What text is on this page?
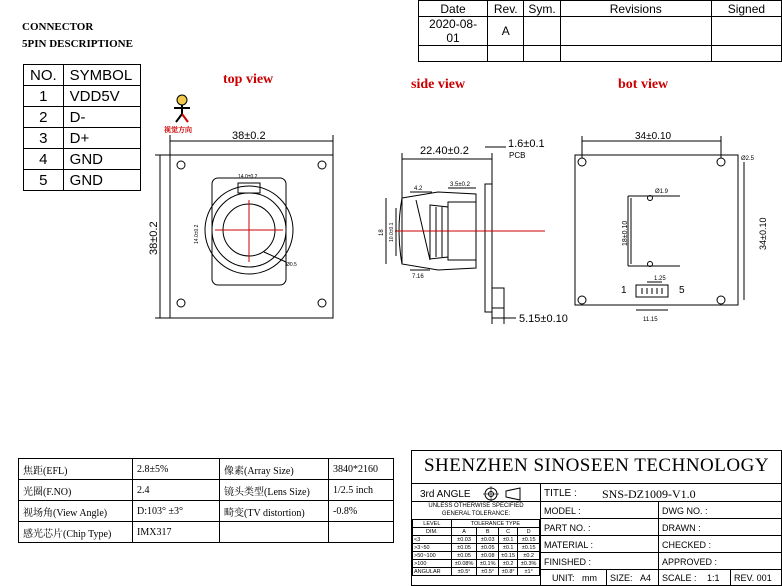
CONNECTOR
5PIN DESCRIPTIONE
Date	Rev.	Sym.	Revisions	Signed
2020-08-01	A			

NO.	SYMBOL
1	VDD5V
2	D-
3	D+
4	GND
5	GND
视觉方向
top view	side view	bot view
38±0.2
38±0.2
14.0±0.2
14.0±0.2
Ø0.5
22.40±0.2
1.6±0.1
PCB
4.2
3.5±0.2
18 10.0±0.1
7.16
5.15±0.10
34±0.10
34±0.10
Ø2.5
Ø1.9
18±0.10
1.25
11.15
1	5
焦距(EFL)	2.8±5%	像素(Array Size)	3840*2160
光圈(F.NO)	2.4	镜头类型(Lens Size)	1/2.5 inch
视场角(View Angle)	D:103° ±3°	畸变(TV distortion)	-0.8%
感光芯片(Chip Type)	IMX317		
SHENZHEN SINOSEEN TECHNOLOGY
3rd ANGLE	TITLE : SNS-DZ1009-V1.0
UNLESS OTHERWISE SPECIFIED
GENERAL TOLERANCE:
LEVEL	TOLERANCE TYPE			
DIM.	A	B	C	D
<3	±0.03	±0.03	±0.1	±0.15
>3~50	±0.05	±0.05	±0.1	±0.15
>50~100	±0.05	±0.08	±0.15	±0.2
>100	±0.08%	±0.1%	±0.2	±0.3%
ANGULAR	±0.5°	±0.5°	±0.8°	±1°
MODEL :	DWG NO. :
PART NO. :	DRAWN :
MATERIAL :	CHECKED :
FINISHED :	APPROVED :
UNIT: mm SIZE: A4 SCALE : 1:1 REV. 001
